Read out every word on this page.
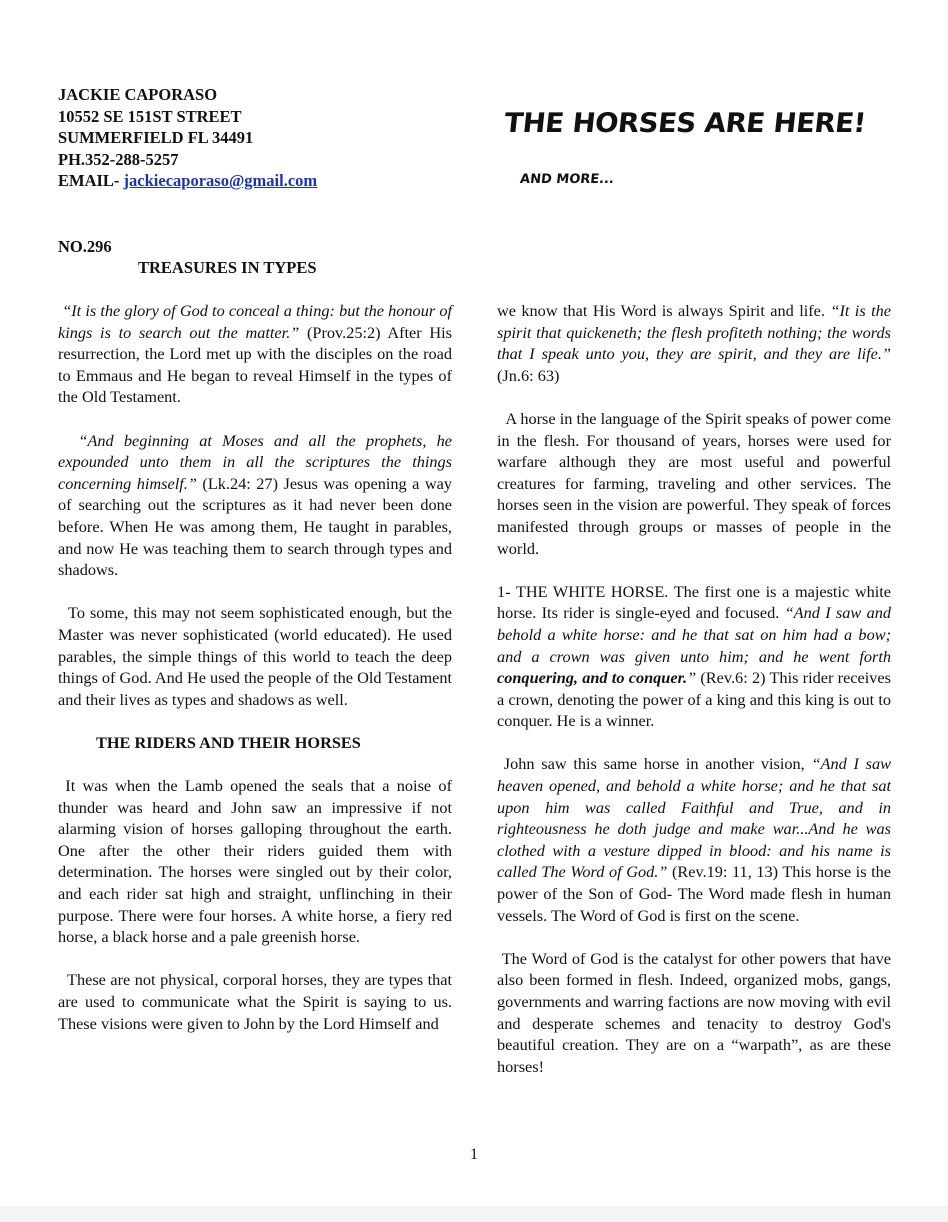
JACKIE CAPORASO
10552 SE 151ST STREET
SUMMERFIELD FL 34491
PH.352-288-5257
EMAIL- jackiecaporaso@gmail.com
THE HORSES ARE HERE!
AND MORE...
NO.296
TREASURES IN TYPES

“It is the glory of God to conceal a thing: but the honour of kings is to search out the matter.” (Prov.25:2) After His resurrection, the Lord met up with the disciples on the road to Emmaus and He began to reveal Himself in the types of the Old Testament.

“And beginning at Moses and all the prophets, he expounded unto them in all the scriptures the things concerning himself.” (Lk.24: 27) Jesus was opening a way of searching out the scriptures as it had never been done before. When He was among them, He taught in parables, and now He was teaching them to search through types and shadows.

To some, this may not seem sophisticated enough, but the Master was never sophisticated (world educated). He used parables, the simple things of this world to teach the deep things of God. And He used the people of the Old Testament and their lives as types and shadows as well.

THE RIDERS AND THEIR HORSES

It was when the Lamb opened the seals that a noise of thunder was heard and John saw an impressive if not alarming vision of horses galloping throughout the earth. One after the other their riders guided them with determination. The horses were singled out by their color, and each rider sat high and straight, unflinching in their purpose. There were four horses. A white horse, a fiery red horse, a black horse and a pale greenish horse.

These are not physical, corporal horses, they are types that are used to communicate what the Spirit is saying to us. These visions were given to John by the Lord Himself and

we know that His Word is always Spirit and life. “It is the spirit that quickeneth; the flesh profiteth nothing; the words that I speak unto you, they are spirit, and they are life.” (Jn.6: 63)

A horse in the language of the Spirit speaks of power come in the flesh. For thousand of years, horses were used for warfare although they are most useful and powerful creatures for farming, traveling and other services. The horses seen in the vision are powerful. They speak of forces manifested through groups or masses of people in the world.

1- THE WHITE HORSE. The first one is a majestic white horse. Its rider is single-eyed and focused. “And I saw and behold a white horse: and he that sat on him had a bow; and a crown was given unto him; and he went forth conquering, and to conquer.” (Rev.6: 2) This rider receives a crown, denoting the power of a king and this king is out to conquer. He is a winner.

John saw this same horse in another vision, “And I saw heaven opened, and behold a white horse; and he that sat upon him was called Faithful and True, and in righteousness he doth judge and make war...And he was clothed with a vesture dipped in blood: and his name is called The Word of God.” (Rev.19: 11, 13) This horse is the power of the Son of God- The Word made flesh in human vessels. The Word of God is first on the scene.

The Word of God is the catalyst for other powers that have also been formed in flesh. Indeed, organized mobs, gangs, governments and warring factions are now moving with evil and desperate schemes and tenacity to destroy God's beautiful creation. They are on a “warpath”, as are these horses!

1
